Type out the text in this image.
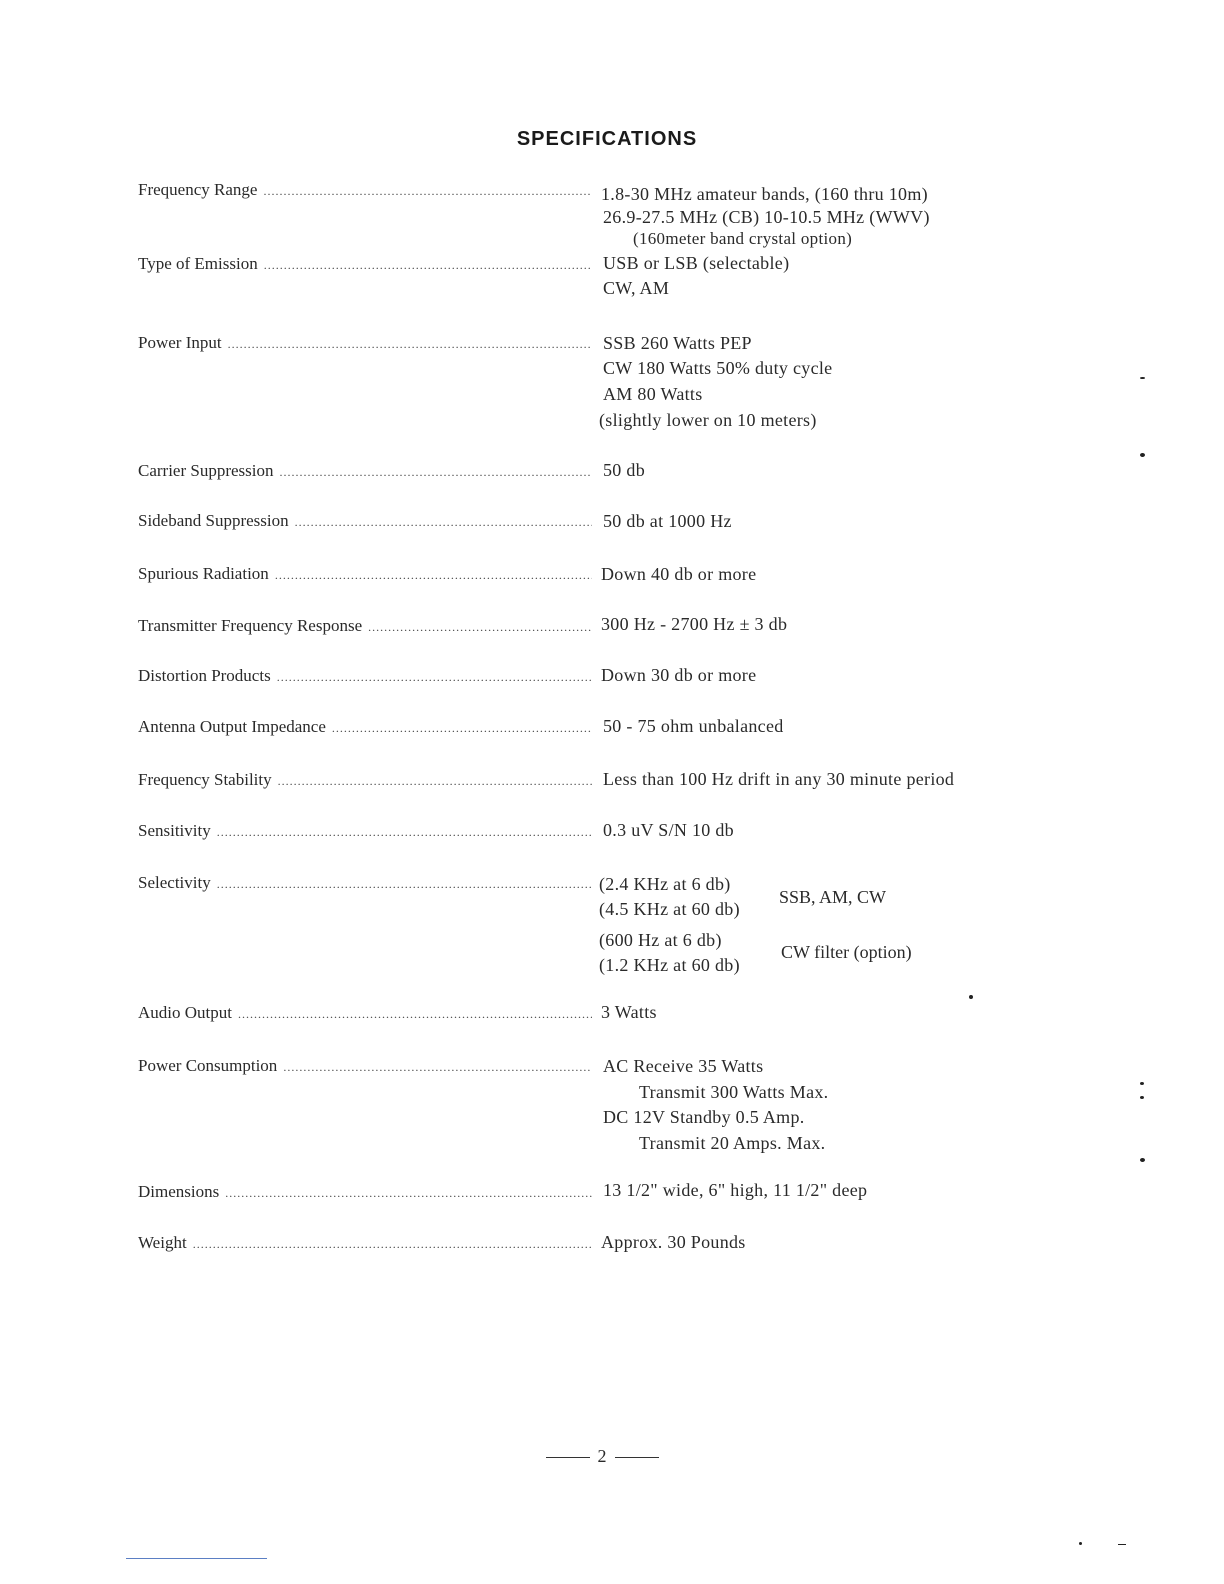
SPECIFICATIONS
Frequency Range .....	1.8-30 MHz amateur bands, (160 thru 10m)
26.9-27.5 MHz (CB) 10-10.5 MHz (WWV)
(160meter band crystal option)
Type of Emission .....	USB or LSB (selectable)
CW, AM
Power Input .....	SSB 260 Watts PEP
CW 180 Watts 50% duty cycle
AM 80 Watts
(slightly lower on 10 meters)
Carrier Suppression .....	50 db
Sideband Suppression .....	50 db at 1000 Hz
Spurious Radiation .....	Down 40 db or more
Transmitter Frequency Response .....	300 Hz - 2700 Hz ± 3 db
Distortion Products .....	Down 30 db or more
Antenna Output Impedance .....	50 - 75 ohm unbalanced
Frequency Stability .....	Less than 100 Hz drift in any 30 minute period
Sensitivity .....	0.3 uV S/N 10 db
Selectivity .....	(2.4 KHz at 6 db)
(4.5 KHz at 60 db)
SSB, AM, CW
(600 Hz at 6 db)
(1.2 KHz at 60 db)
CW filter (option)
Audio Output .....	3 Watts
Power Consumption .....	AC Receive 35 Watts
Transmit 300 Watts Max.
DC 12V Standby 0.5 Amp.
Transmit 20 Amps. Max.
Dimensions .....	13 1/2" wide, 6" high, 11 1/2" deep
Weight .....	Approx. 30 Pounds
2
